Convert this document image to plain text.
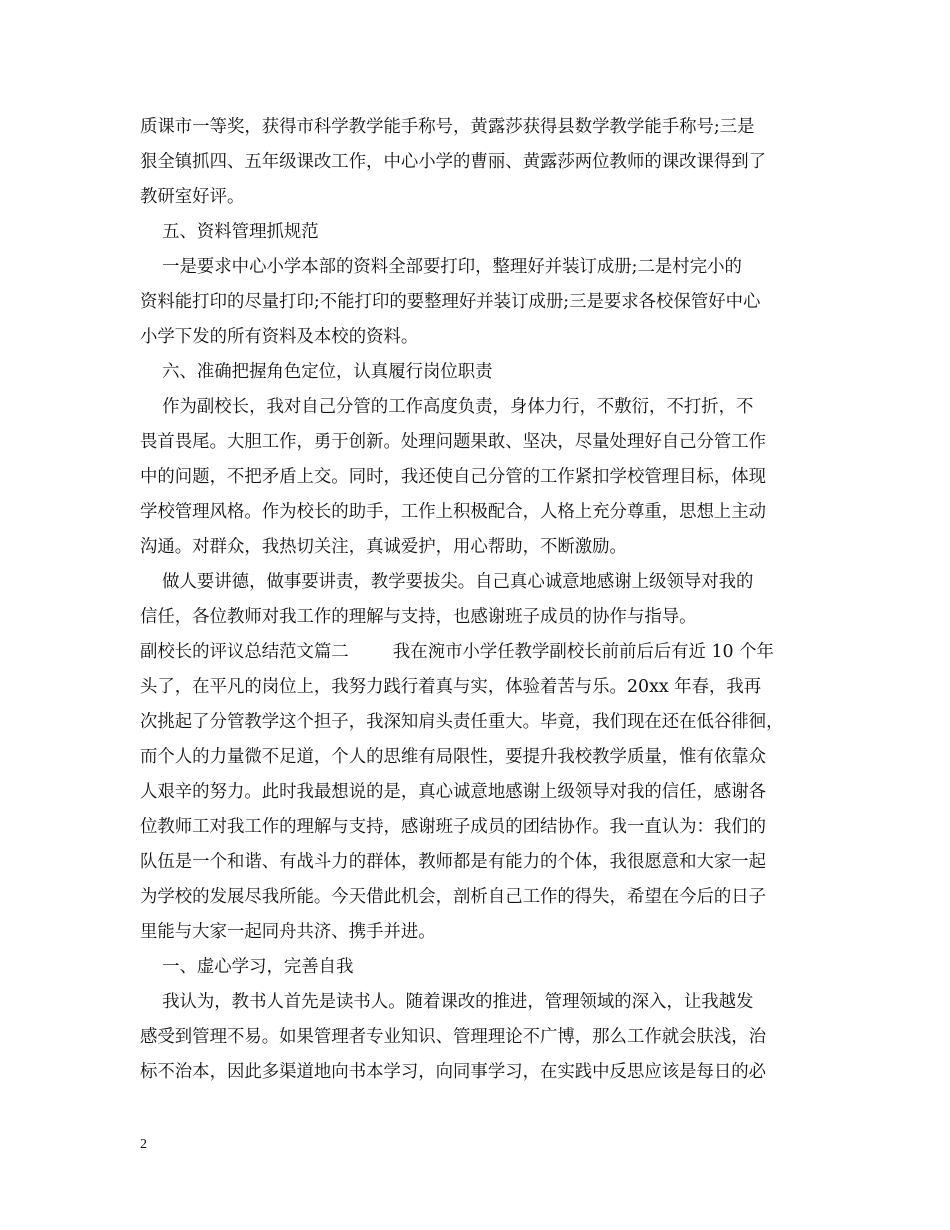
质课市一等奖，获得市科学教学能手称号，黄露莎获得县数学教学能手称号;三是
狠全镇抓四、五年级课改工作，中心小学的曹丽、黄露莎两位教师的课改课得到了
教研室好评。
五、资料管理抓规范
一是要求中心小学本部的资料全部要打印，整理好并装订成册;二是村完小的
资料能打印的尽量打印;不能打印的要整理好并装订成册;三是要求各校保管好中心
小学下发的所有资料及本校的资料。
六、准确把握角色定位，认真履行岗位职责
作为副校长，我对自己分管的工作高度负责，身体力行，不敷衍，不打折，不
畏首畏尾。大胆工作，勇于创新。处理问题果敢、坚决，尽量处理好自己分管工作
中的问题，不把矛盾上交。同时，我还使自己分管的工作紧扣学校管理目标，体现
学校管理风格。作为校长的助手，工作上积极配合，人格上充分尊重，思想上主动
沟通。对群众，我热切关注，真诚爱护，用心帮助，不断激励。
做人要讲德，做事要讲责，教学要拔尖。自己真心诚意地感谢上级领导对我的
信任，各位教师对我工作的理解与支持，也感谢班子成员的协作与指导。
副校长的评议总结范文篇二        我在涴市小学任教学副校长前前后后有近 10 个年
头了，在平凡的岗位上，我努力践行着真与实，体验着苦与乐。20xx 年春，我再
次挑起了分管教学这个担子，我深知肩头责任重大。毕竟，我们现在还在低谷徘徊，
而个人的力量微不足道，个人的思维有局限性，要提升我校教学质量，惟有依靠众
人艰辛的努力。此时我最想说的是，真心诚意地感谢上级领导对我的信任，感谢各
位教师工对我工作的理解与支持，感谢班子成员的团结协作。我一直认为：我们的
队伍是一个和谐、有战斗力的群体，教师都是有能力的个体，我很愿意和大家一起
为学校的发展尽我所能。今天借此机会，剖析自己工作的得失，希望在今后的日子
里能与大家一起同舟共济、携手并进。
一、虚心学习，完善自我
我认为，教书人首先是读书人。随着课改的推进，管理领域的深入，让我越发
感受到管理不易。如果管理者专业知识、管理理论不广博，那么工作就会肤浅，治
标不治本，因此多渠道地向书本学习，向同事学习，在实践中反思应该是每日的必
2
